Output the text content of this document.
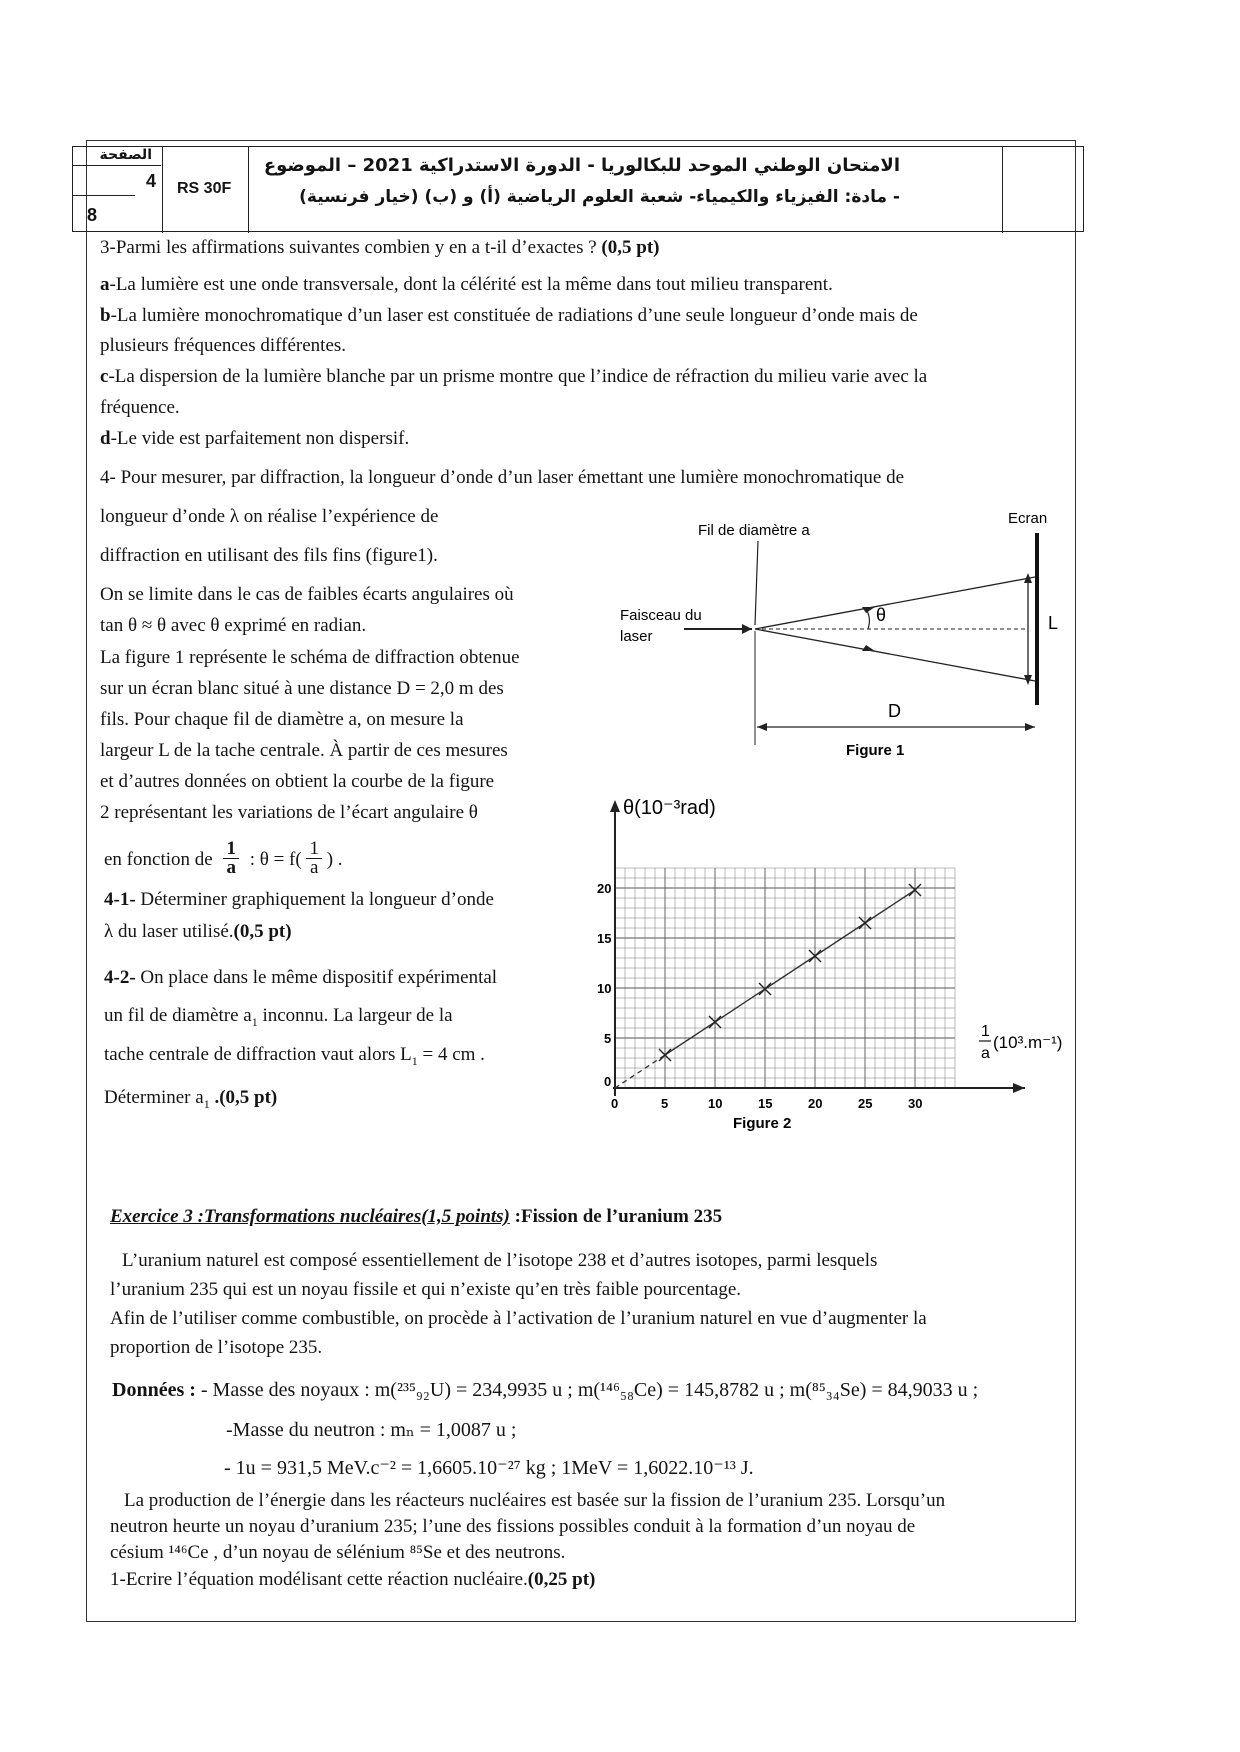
الصفحة
4
8
RS 30F
الامتحان الوطني الموحد للبكالوريا - الدورة الاستدراكية 2021 – الموضوع
- مادة: الفيزياء والكيمياء- شعبة العلوم الرياضية (أ) و (ب) (خيار فرنسية)
3-Parmi les affirmations suivantes combien y en a t-il d’exactes ? (0,5 pt)
a-La lumière est une onde transversale, dont la célérité est la même dans tout milieu transparent.
b-La lumière monochromatique d’un laser est constituée de radiations d’une seule longueur d’onde mais de
plusieurs fréquences différentes.
c-La dispersion de la lumière blanche par un prisme montre que l’indice de réfraction du milieu varie avec la
fréquence.
d-Le vide est parfaitement non dispersif.
4- Pour mesurer, par diffraction, la longueur d’onde d’un laser émettant une lumière monochromatique de
longueur d’onde λ on réalise l’expérience de
diffraction en utilisant des fils fins (figure1).
On se limite dans le cas de faibles écarts angulaires où
tan θ ≈ θ avec θ exprimé en radian.
La figure 1 représente le schéma de diffraction obtenue
sur un écran blanc situé à une distance D = 2,0 m des
fils. Pour chaque fil de diamètre a, on mesure la
largeur L de la tache centrale. À partir de ces mesures
et d’autres données on obtient la courbe de la figure
2 représentant les variations de l’écart angulaire θ
en fonction de $\frac{1}{a}$ : $\theta = f( \frac{1}{a}$ ) .
4-1- Déterminer graphiquement la longueur d’onde
λ du laser utilisé.(0,5 pt)
4-2- On place dans le même dispositif expérimental
un fil de diamètre $a_1$ inconnu. La largeur de la
tache centrale de diffraction vaut alors $L_1 = 4$ cm .
Déterminer $a_1$ .(0,5 pt)
Fil de diamètre a
Ecran
Faisceau du
laser
θ	L
D
Figure 1
θ(10⁻³rad)
1
a
(10³.m⁻¹)
0	5	10	15	20	25	30
5
10
15
20
0
Figure 2
Exercice 3 :Transformations nucléaires(1,5 points) :Fission de l’uranium 235
L’uranium naturel est composé essentiellement de l’isotope 238 et d’autres isotopes, parmi lesquels
l’uranium 235 qui est un noyau fissile et qui n’existe qu’en très faible pourcentage.
Afin de l’utiliser comme combustible, on procède à l’activation de l’uranium naturel en vue d’augmenter la
proportion de l’isotope 235.
Données : - Masse des noyaux : m(²³⁵₉₂U) = 234,9935 u ; m(¹⁴⁶₅₈Ce) = 145,8782 u ; m(⁸⁵₃₄Se) = 84,9033 u ;
-Masse du neutron : mₙ = 1,0087 u ;
- 1u = 931,5 MeV.c⁻² = 1,6605.10⁻²⁷ kg ; 1MeV = 1,6022.10⁻¹³ J.
La production de l’énergie dans les réacteurs nucléaires est basée sur la fission de l’uranium 235. Lorsqu’un
neutron heurte un noyau d’uranium 235; l’une des fissions possibles conduit à la formation d’un noyau de
césium ¹⁴⁶Ce , d’un noyau de sélénium ⁸⁵Se et des neutrons.
1-Ecrire l’équation modélisant cette réaction nucléaire.(0,25 pt)
